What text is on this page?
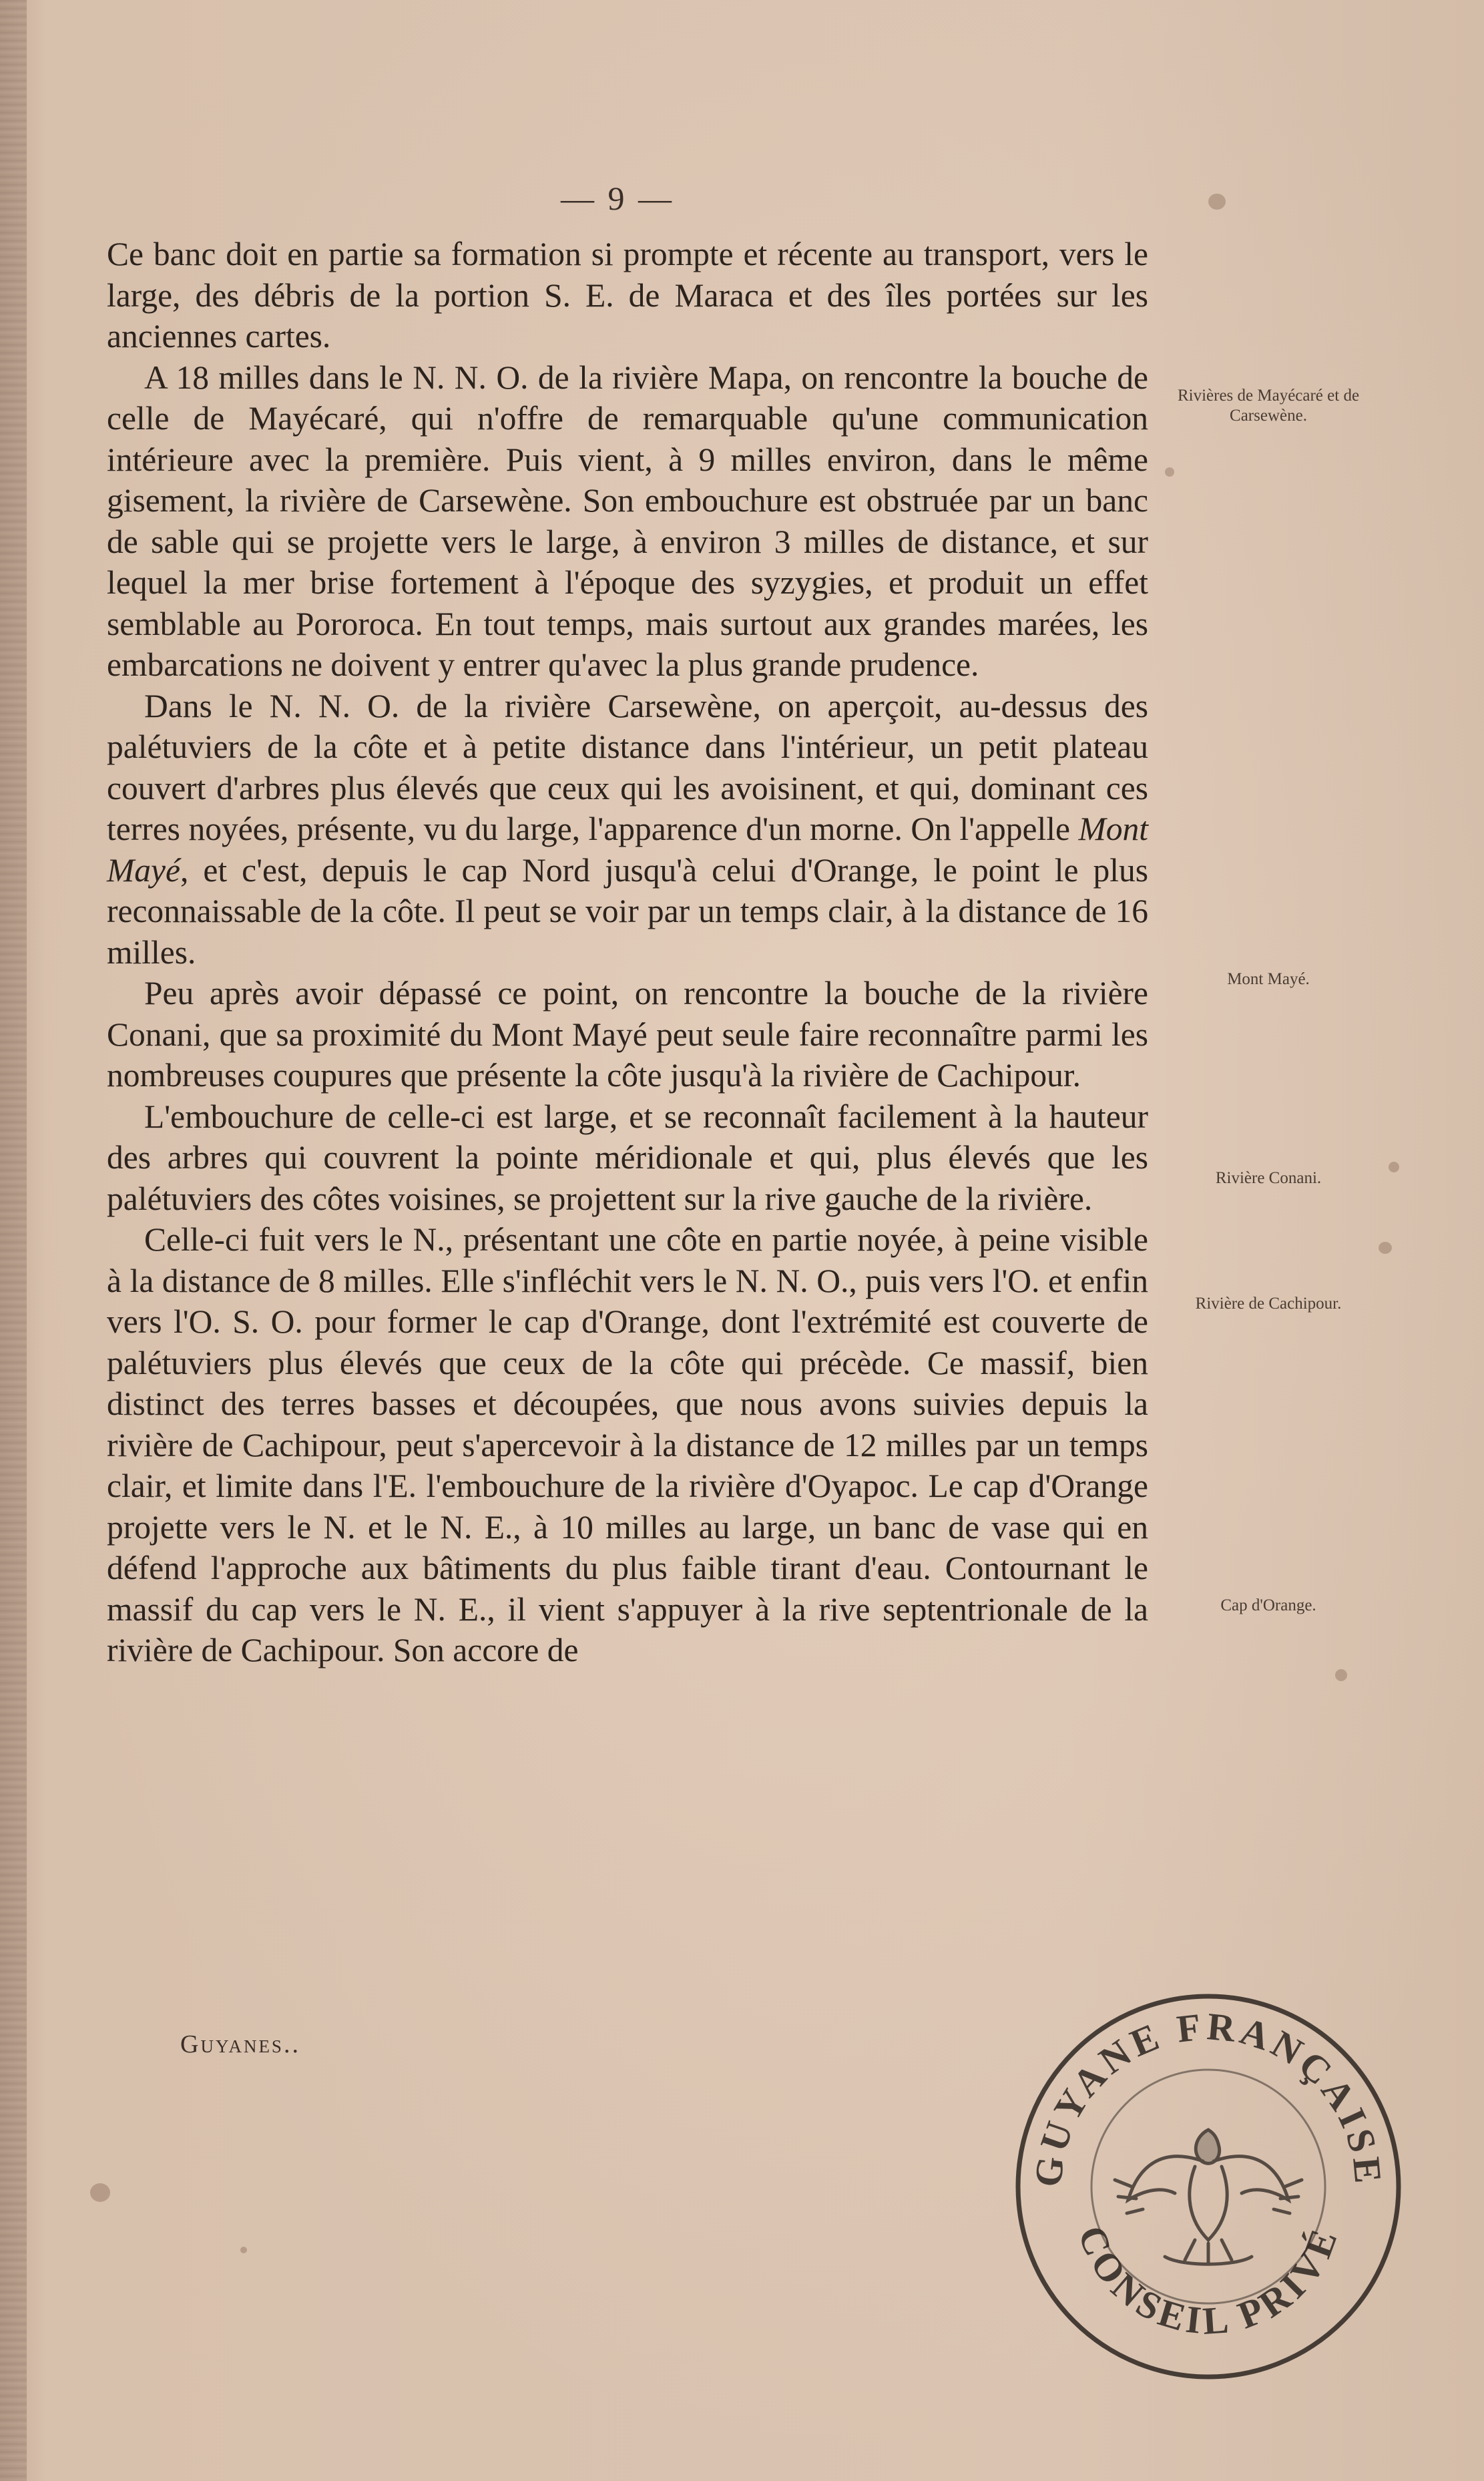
— 9 —

Ce banc doit en partie sa formation si prompte et récente au transport, vers le large, des débris de la portion S. E. de Maraca et des îles portées sur les anciennes cartes.

A 18 milles dans le N. N. O. de la rivière Mapa, on rencontre la bouche de celle de Mayécaré, qui n'offre de remarquable qu'une communication intérieure avec la première. Puis vient, à 9 milles environ, dans le même gisement, la rivière de Carsewène. Son embouchure est obstruée par un banc de sable qui se projette vers le large, à environ 3 milles de distance, et sur lequel la mer brise fortement à l'époque des syzygies, et produit un effet semblable au Pororoca. En tout temps, mais surtout aux grandes marées, les embarcations ne doivent y entrer qu'avec la plus grande prudence.

Dans le N. N. O. de la rivière Carsewène, on aperçoit, au-dessus des palétuviers de la côte et à petite distance dans l'intérieur, un petit plateau couvert d'arbres plus élevés que ceux qui les avoisinent, et qui, dominant ces terres noyées, présente, vu du large, l'apparence d'un morne. On l'appelle Mont Mayé, et c'est, depuis le cap Nord jusqu'à celui d'Orange, le point le plus reconnaissable de la côte. Il peut se voir par un temps clair, à la distance de 16 milles.

Peu après avoir dépassé ce point, on rencontre la bouche de la rivière Conani, que sa proximité du Mont Mayé peut seule faire reconnaître parmi les nombreuses coupures que présente la côte jusqu'à la rivière de Cachipour.

L'embouchure de celle-ci est large, et se reconnaît facilement à la hauteur des arbres qui couvrent la pointe méridionale et qui, plus élevés que les palétuviers des côtes voisines, se projettent sur la rive gauche de la rivière.

Celle-ci fuit vers le N., présentant une côte en partie noyée, à peine visible à la distance de 8 milles. Elle s'infléchit vers le N. N. O., puis vers l'O. et enfin vers l'O. S. O. pour former le cap d'Orange, dont l'extrémité est couverte de palétuviers plus élevés que ceux de la côte qui précède. Ce massif, bien distinct des terres basses et découpées, que nous avons suivies depuis la rivière de Cachipour, peut s'apercevoir à la distance de 12 milles par un temps clair, et limite dans l'E. l'embouchure de la rivière d'Oyapoc. Le cap d'Orange projette vers le N. et le N. E., à 10 milles au large, un banc de vase qui en défend l'approche aux bâtiments du plus faible tirant d'eau. Contournant le massif du cap vers le N. E., il vient s'appuyer à la rive septentrionale de la rivière de Cachipour. Son accore de

Rivières de Mayécaré et de Carsewène.
Mont Mayé.
Rivière Conani.
Rivière de Cachipour.
Cap d'Orange.
Guyanes..
GUYANE FRANÇAISE
CONSEIL PRIVÉ
